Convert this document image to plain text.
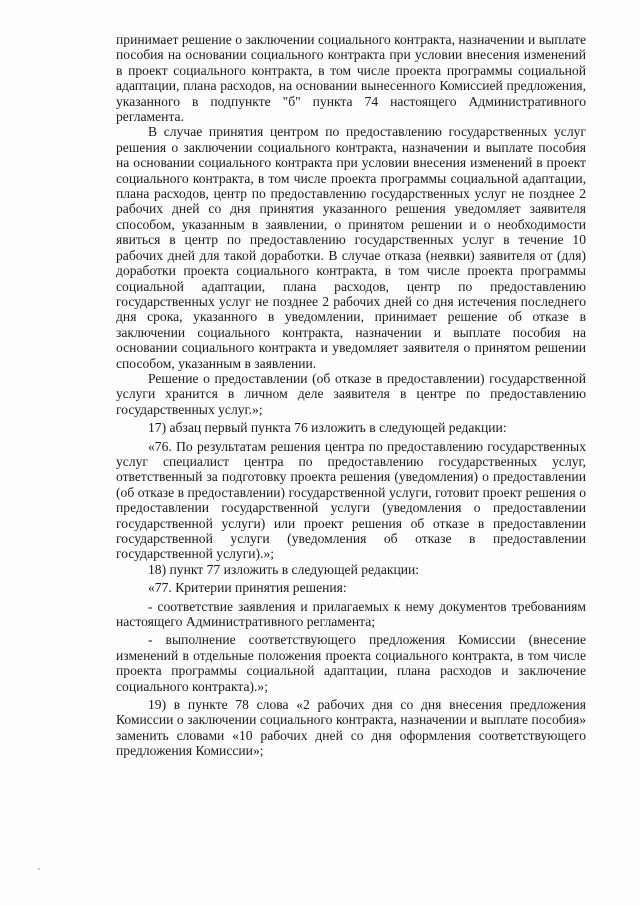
принимает решение о заключении социального контракта, назначении и выплате пособия на основании социального контракта при условии внесения изменений в проект социального контракта, в том числе проекта программы социальной адаптации, плана расходов, на основании вынесенного Комиссией предложения, указанного в подпункте "б" пункта 74 настоящего Административного регламента.

В случае принятия центром по предоставлению государственных услуг решения о заключении социального контракта, назначении и выплате пособия на основании социального контракта при условии внесения изменений в проект социального контракта, в том числе проекта программы социальной адаптации, плана расходов, центр по предоставлению государственных услуг не позднее 2 рабочих дней со дня принятия указанного решения уведомляет заявителя способом, указанным в заявлении, о принятом решении и о необходимости явиться в центр по предоставлению государственных услуг в течение 10 рабочих дней для такой доработки. В случае отказа (неявки) заявителя от (для) доработки проекта социального контракта, в том числе проекта программы социальной адаптации, плана расходов, центр по предоставлению государственных услуг не позднее 2 рабочих дней со дня истечения последнего дня срока, указанного в уведомлении, принимает решение об отказе в заключении социального контракта, назначении и выплате пособия на основании социального контракта и уведомляет заявителя о принятом решении способом, указанным в заявлении.

Решение о предоставлении (об отказе в предоставлении) государственной услуги хранится в личном деле заявителя в центре по предоставлению государственных услуг.»;

17) абзац первый пункта 76 изложить в следующей редакции:

«76. По результатам решения центра по предоставлению государственных услуг специалист центра по предоставлению государственных услуг, ответственный за подготовку проекта решения (уведомления) о предоставлении (об отказе в предоставлении) государственной услуги, готовит проект решения о предоставлении государственной услуги (уведомления о предоставлении государственной услуги) или проект решения об отказе в предоставлении государственной услуги (уведомления об отказе в предоставлении государственной услуги).»;

18) пункт 77 изложить в следующей редакции:

«77. Критерии принятия решения:

- соответствие заявления и прилагаемых к нему документов требованиям настоящего Административного регламента;

- выполнение соответствующего предложения Комиссии (внесение изменений в отдельные положения проекта социального контракта, в том числе проекта программы социальной адаптации, плана расходов и заключение социального контракта).»;

19) в пункте 78 слова «2 рабочих дня со дня внесения предложения Комиссии о заключении социального контракта, назначении и выплате пособия» заменить словами «10 рабочих дней со дня оформления соответствующего предложения Комиссии»;
